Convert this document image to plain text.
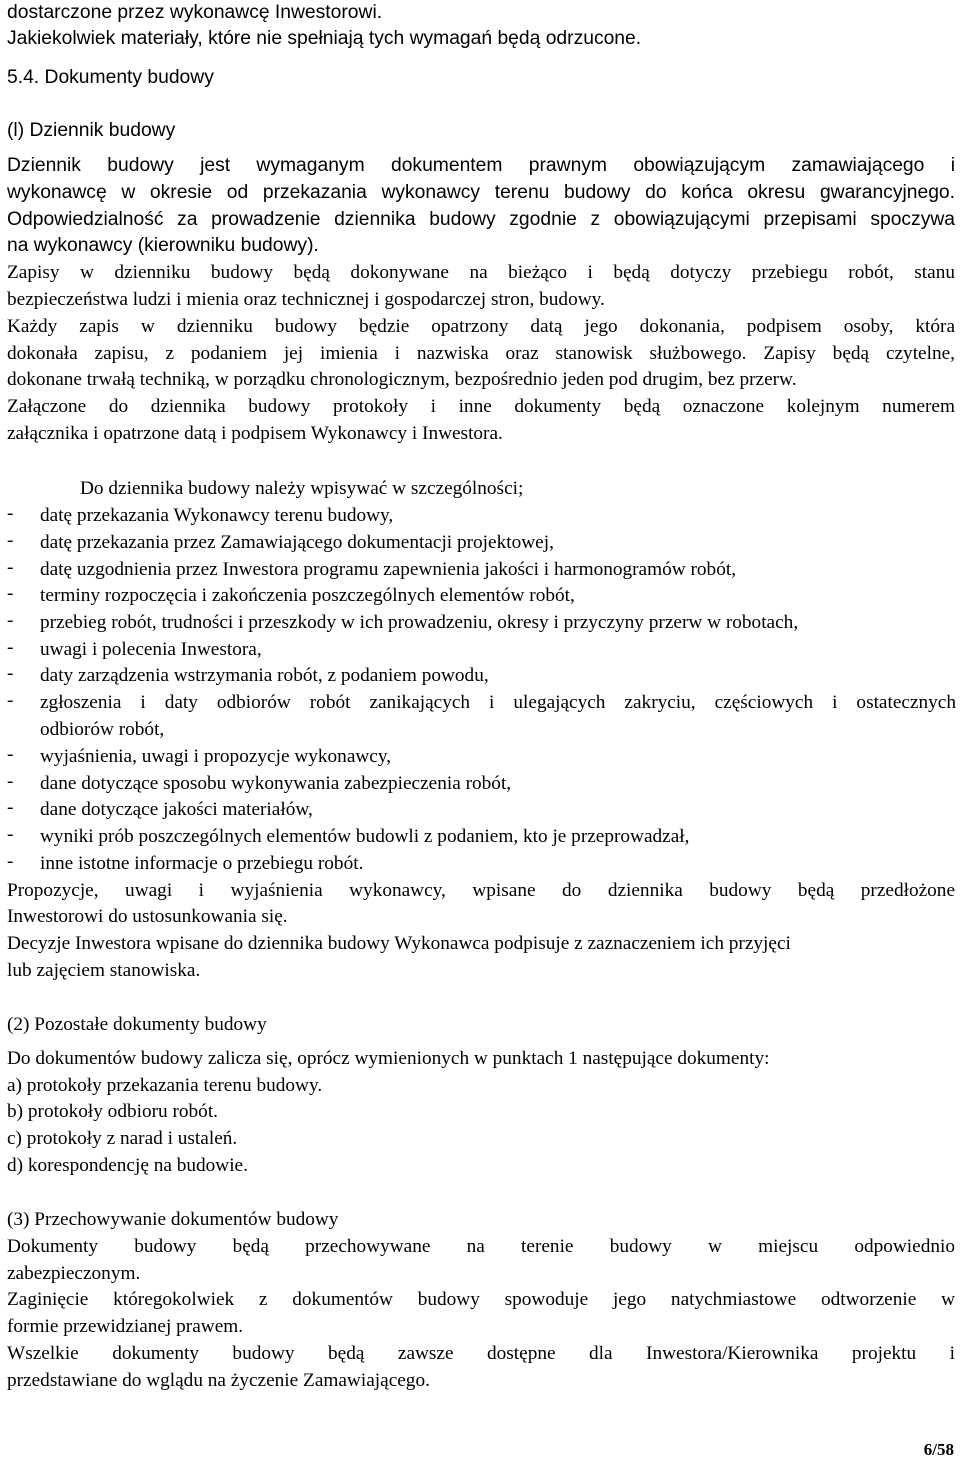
dostarczone przez wykonawcę Inwestorowi.
Jakiekolwiek materiały, które nie spełniają tych wymagań będą odrzucone.
5.4. Dokumenty budowy
(l) Dziennik budowy
Dziennik budowy jest wymaganym dokumentem prawnym obowiązującym zamawiającego i
wykonawcę w okresie od przekazania wykonawcy terenu budowy do końca okresu gwarancyjnego.
Odpowiedzialność za prowadzenie dziennika budowy zgodnie z obowiązującymi przepisami spoczywa
na wykonawcy (kierowniku budowy).
Zapisy w dzienniku budowy będą dokonywane na bieżąco i będą dotyczy przebiegu robót, stanu
bezpieczeństwa ludzi i mienia oraz technicznej i gospodarczej stron, budowy.
Każdy zapis w dzienniku budowy będzie opatrzony datą jego dokonania, podpisem osoby, która
dokonała zapisu, z podaniem jej imienia i nazwiska oraz stanowisk służbowego. Zapisy będą czytelne,
dokonane trwałą techniką, w porządku chronologicznym, bezpośrednio jeden pod drugim, bez przerw.
Załączone do dziennika budowy protokoły i inne dokumenty będą oznaczone kolejnym numerem
załącznika i opatrzone datą i podpisem Wykonawcy i Inwestora.
Do dziennika budowy należy wpisywać w szczególności;
- datę przekazania Wykonawcy terenu budowy,
- datę przekazania przez Zamawiającego dokumentacji projektowej,
- datę uzgodnienia przez Inwestora programu zapewnienia jakości i harmonogramów robót,
- terminy rozpoczęcia i zakończenia poszczególnych elementów robót,
- przebieg robót, trudności i przeszkody w ich prowadzeniu, okresy i przyczyny przerw w robotach,
- uwagi i polecenia Inwestora,
- daty zarządzenia wstrzymania robót, z podaniem powodu,
- zgłoszenia i daty odbiorów robót zanikających i ulegających zakryciu, częściowych i ostatecznych
odbiorów robót,
- wyjaśnienia, uwagi i propozycje wykonawcy,
- dane dotyczące sposobu wykonywania zabezpieczenia robót,
- dane dotyczące jakości materiałów,
- wyniki prób poszczególnych elementów budowli z podaniem, kto je przeprowadzał,
- inne istotne informacje o przebiegu robót.
Propozycje, uwagi i wyjaśnienia wykonawcy, wpisane do dziennika budowy będą przedłożone
Inwestorowi do ustosunkowania się.
Decyzje Inwestora wpisane do dziennika budowy Wykonawca podpisuje z zaznaczeniem ich przyjęci
lub zajęciem stanowiska.
(2) Pozostałe dokumenty budowy
Do dokumentów budowy zalicza się, oprócz wymienionych w punktach 1 następujące dokumenty:
a) protokoły przekazania terenu budowy.
b) protokoły odbioru robót.
c) protokoły z narad i ustaleń.
d) korespondencję na budowie.
(3) Przechowywanie dokumentów budowy
Dokumenty budowy będą przechowywane na terenie budowy w miejscu odpowiednio
zabezpieczonym.
Zaginięcie któregokolwiek z dokumentów budowy spowoduje jego natychmiastowe odtworzenie w
formie przewidzianej prawem.
Wszelkie dokumenty budowy będą zawsze dostępne dla Inwestora/Kierownika projektu i
przedstawiane do wglądu na życzenie Zamawiającego.
6/58
